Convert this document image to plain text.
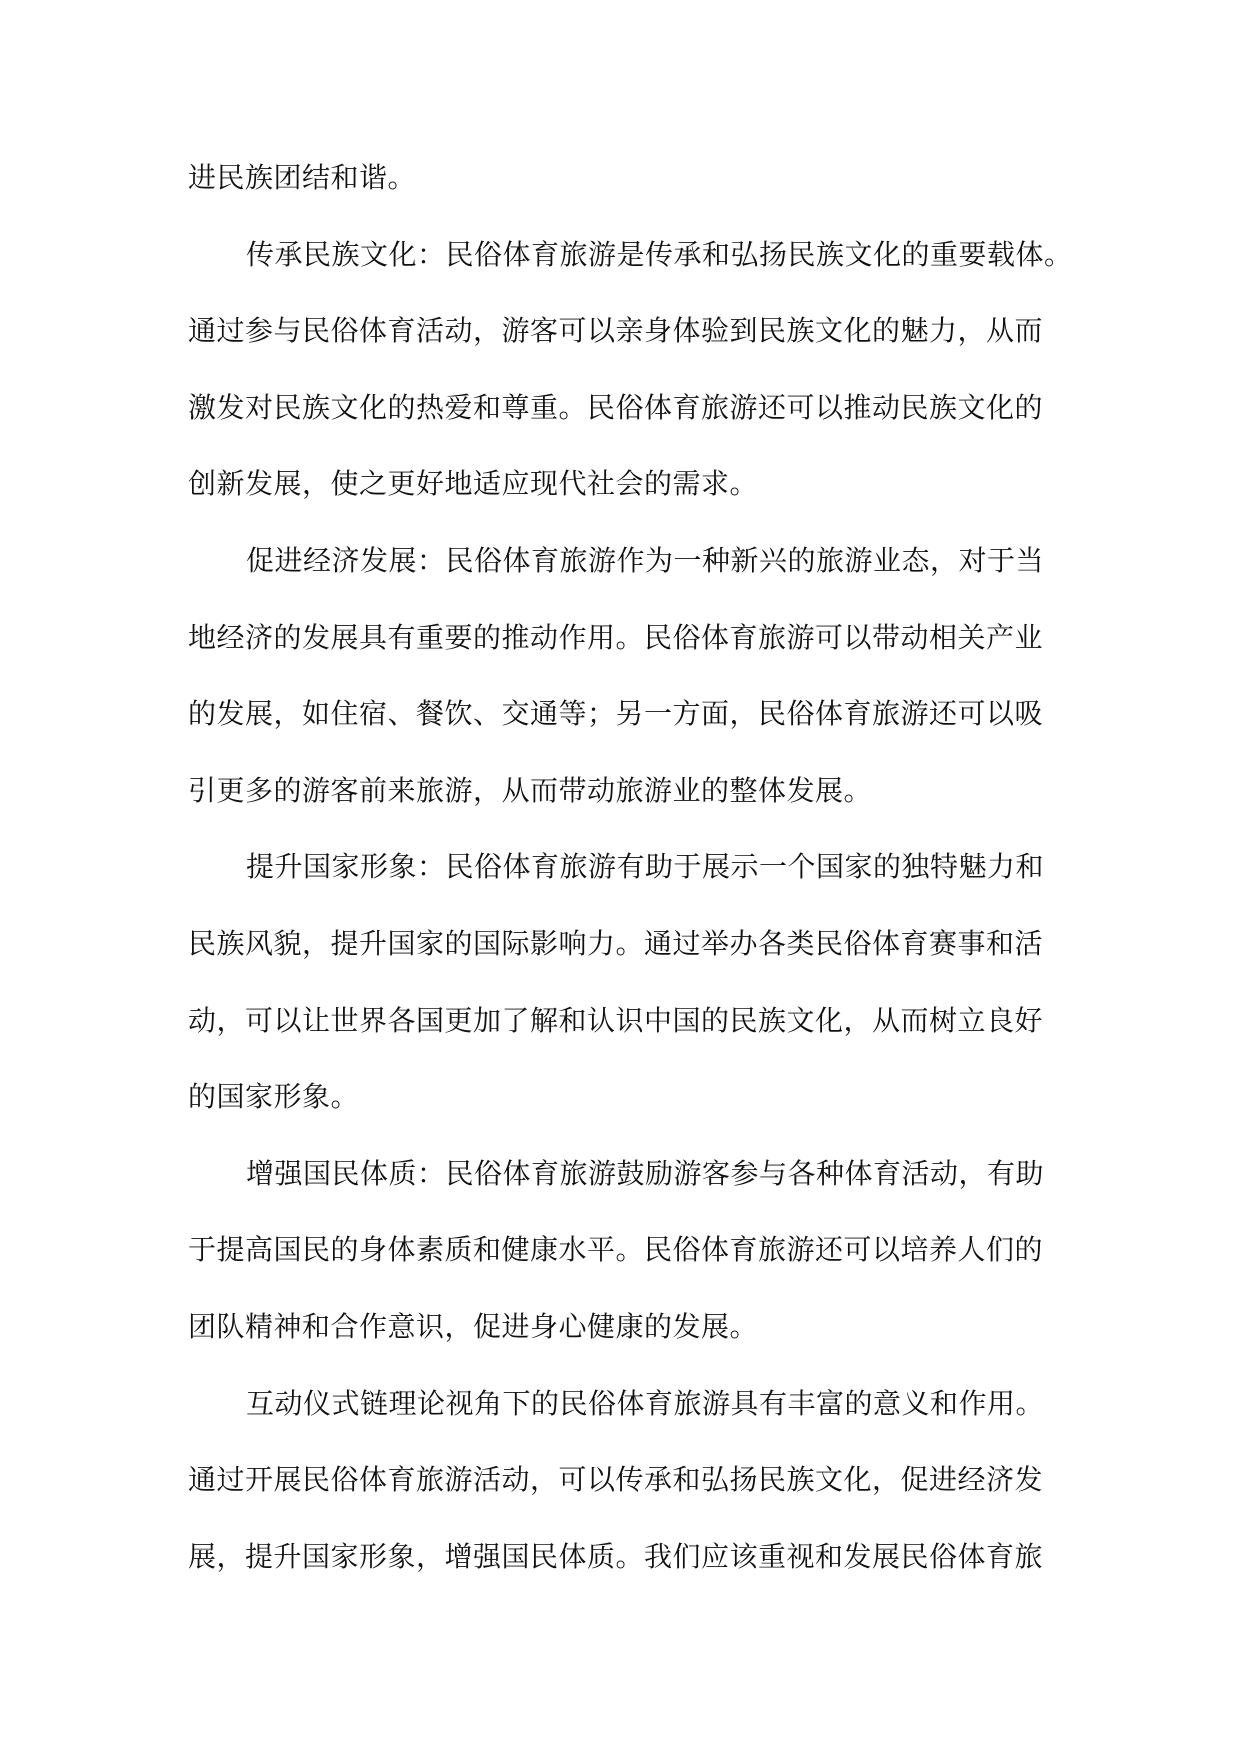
进民族团结和谐。
传承民族文化：民俗体育旅游是传承和弘扬民族文化的重要载体。
通过参与民俗体育活动，游客可以亲身体验到民族文化的魅力，从而
激发对民族文化的热爱和尊重。民俗体育旅游还可以推动民族文化的
创新发展，使之更好地适应现代社会的需求。
促进经济发展：民俗体育旅游作为一种新兴的旅游业态，对于当
地经济的发展具有重要的推动作用。民俗体育旅游可以带动相关产业
的发展，如住宿、餐饮、交通等；另一方面，民俗体育旅游还可以吸
引更多的游客前来旅游，从而带动旅游业的整体发展。
提升国家形象：民俗体育旅游有助于展示一个国家的独特魅力和
民族风貌，提升国家的国际影响力。通过举办各类民俗体育赛事和活
动，可以让世界各国更加了解和认识中国的民族文化，从而树立良好
的国家形象。
增强国民体质：民俗体育旅游鼓励游客参与各种体育活动，有助
于提高国民的身体素质和健康水平。民俗体育旅游还可以培养人们的
团队精神和合作意识，促进身心健康的发展。
互动仪式链理论视角下的民俗体育旅游具有丰富的意义和作用。
通过开展民俗体育旅游活动，可以传承和弘扬民族文化，促进经济发
展，提升国家形象，增强国民体质。我们应该重视和发展民俗体育旅
